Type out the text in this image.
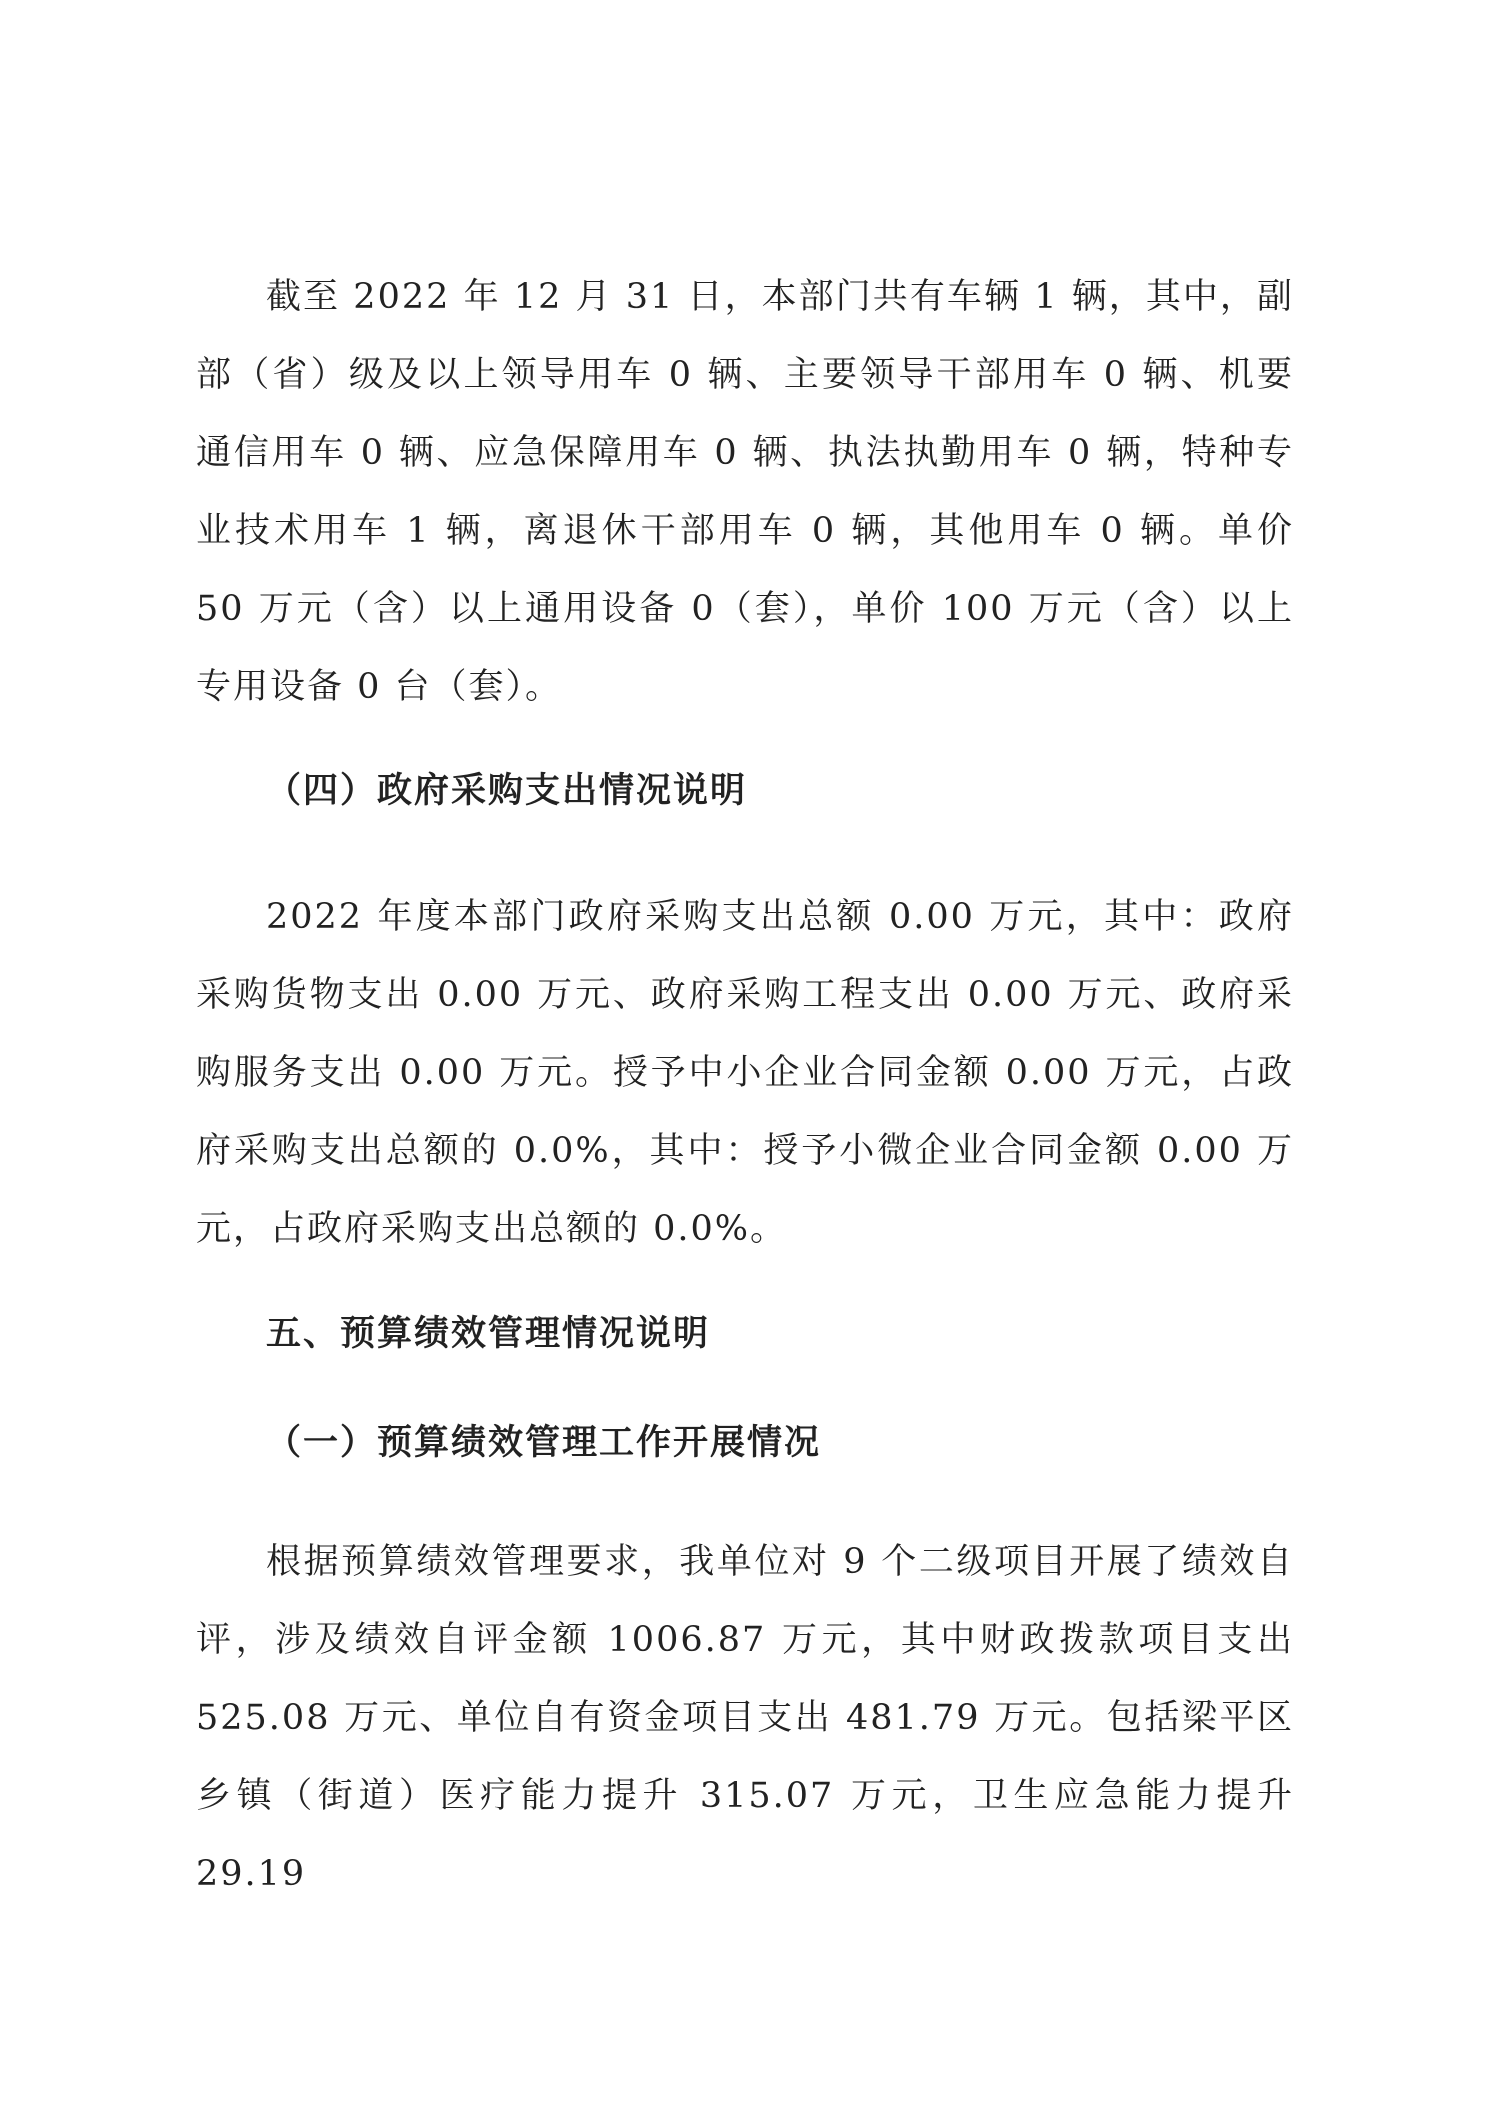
截至 2022 年 12 月 31 日，本部门共有车辆 1 辆，其中，副部（省）级及以上领导用车 0 辆、主要领导干部用车 0 辆、机要通信用车 0 辆、应急保障用车 0 辆、执法执勤用车 0 辆，特种专业技术用车 1 辆，离退休干部用车 0 辆，其他用车 0 辆。单价 50 万元（含）以上通用设备 0（套），单价 100 万元（含）以上专用设备 0 台（套）。

（四）政府采购支出情况说明

2022 年度本部门政府采购支出总额 0.00 万元，其中：政府采购货物支出 0.00 万元、政府采购工程支出 0.00 万元、政府采购服务支出 0.00 万元。授予中小企业合同金额 0.00 万元，占政府采购支出总额的 0.0%，其中：授予小微企业合同金额 0.00 万元，占政府采购支出总额的 0.0%。

五、预算绩效管理情况说明
（一）预算绩效管理工作开展情况

根据预算绩效管理要求，我单位对 9 个二级项目开展了绩效自评，涉及绩效自评金额 1006.87 万元，其中财政拨款项目支出 525.08 万元、单位自有资金项目支出 481.79 万元。包括梁平区乡镇（街道）医疗能力提升 315.07 万元，卫生应急能力提升 29.19
